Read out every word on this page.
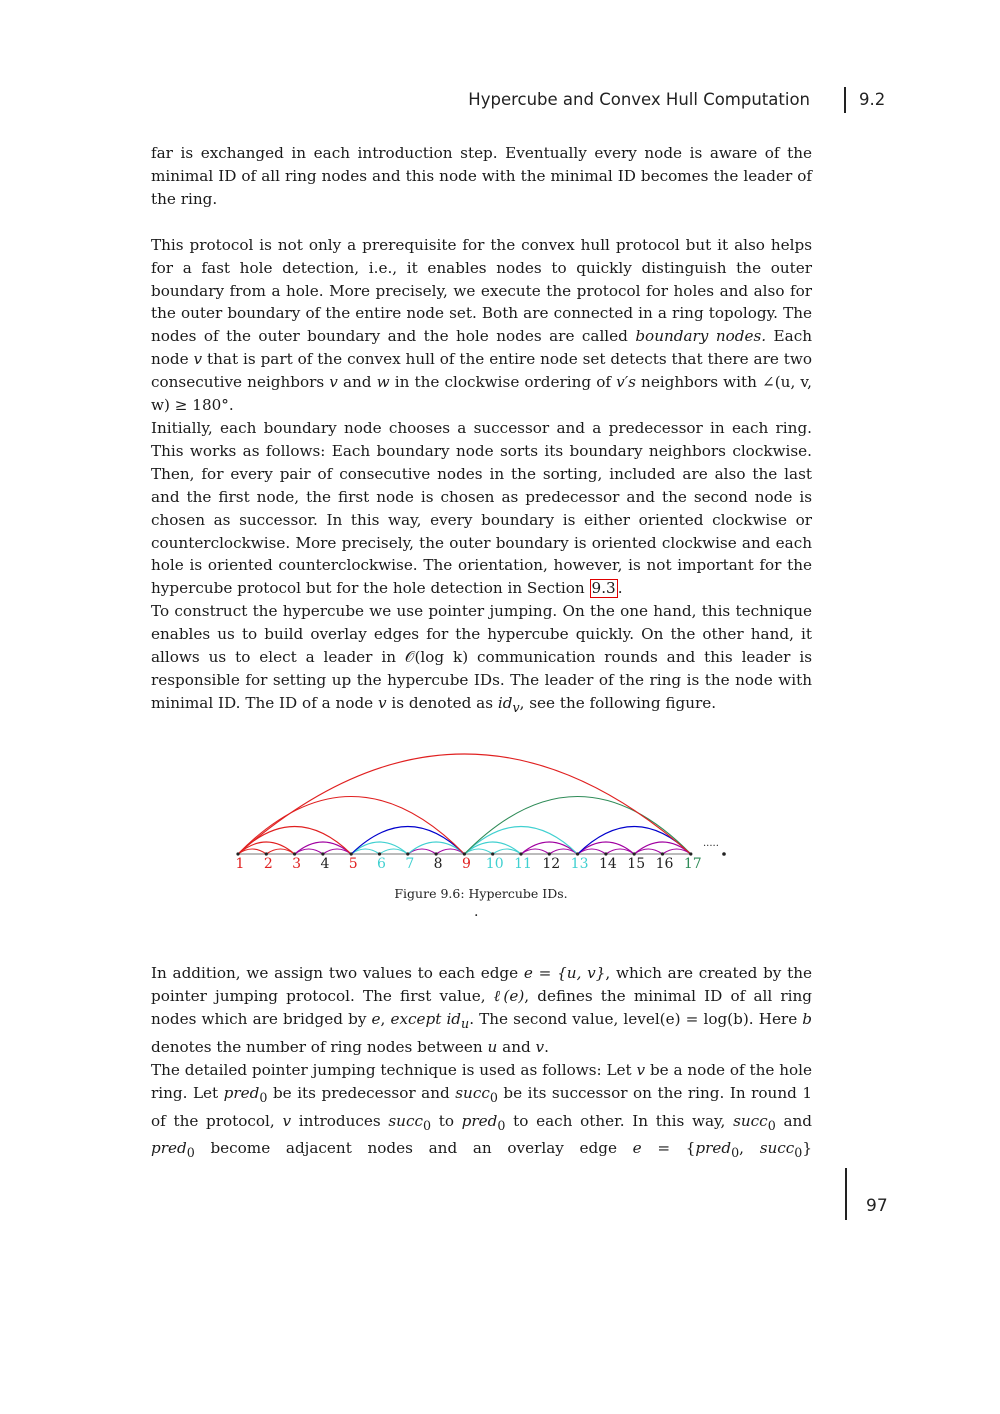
Hypercube and Convex Hull Computation	9.2

far is exchanged in each introduction step. Eventually every node is aware of the minimal ID of all ring nodes and this node with the minimal ID becomes the leader of the ring.

This protocol is not only a prerequisite for the convex hull protocol but it also helps for a fast hole detection, i.e., it enables nodes to quickly distinguish the outer boundary from a hole. More precisely, we execute the protocol for holes and also for the outer boundary of the entire node set. Both are connected in a ring topology. The nodes of the outer boundary and the hole nodes are called boundary nodes. Each node v that is part of the convex hull of the entire node set detects that there are two consecutive neighbors v and w in the clockwise ordering of v′s neighbors with ∠(u, v, w) ≥ 180°.

Initially, each boundary node chooses a successor and a predecessor in each ring. This works as follows: Each boundary node sorts its boundary neighbors clockwise. Then, for every pair of consecutive nodes in the sorting, included are also the last and the first node, the first node is chosen as predecessor and the second node is chosen as successor. In this way, every boundary is either oriented clockwise or counterclockwise. More precisely, the outer boundary is oriented clockwise and each hole is oriented counterclockwise. The orientation, however, is not important for the hypercube protocol but for the hole detection in Section 9.3 .

To construct the hypercube we use pointer jumping. On the one hand, this technique enables us to build overlay edges for the hypercube quickly. On the other hand, it allows us to elect a leader in 𝒪(log k) communication rounds and this leader is responsible for setting up the hypercube IDs. The leader of the ring is the node with minimal ID. The ID of a node v is denoted as $id_v$, see the following figure.

1 2 3 4 5 6 7 8 9 10 11 12 13 14 15 16 17
.....
Figure 9.6: Hypercube IDs.
.

In addition, we assign two values to each edge e = {u, v}, which are created by the pointer jumping protocol. The first value, ℓ(e), defines the minimal ID of all ring nodes which are bridged by e, except $id_u$. The second value, level(e) = log(b). Here b denotes the number of ring nodes between u and v.

The detailed pointer jumping technique is used as follows: Let v be a node of the hole ring. Let pred$_0$ be its predecessor and succ$_0$ be its successor on the ring. In round 1 of the protocol, v introduces succ$_0$ to pred$_0$ to each other. In this way, succ$_0$ and pred$_0$ become adjacent nodes and an overlay edge e = {pred$_0$, succ$_0$}

97
